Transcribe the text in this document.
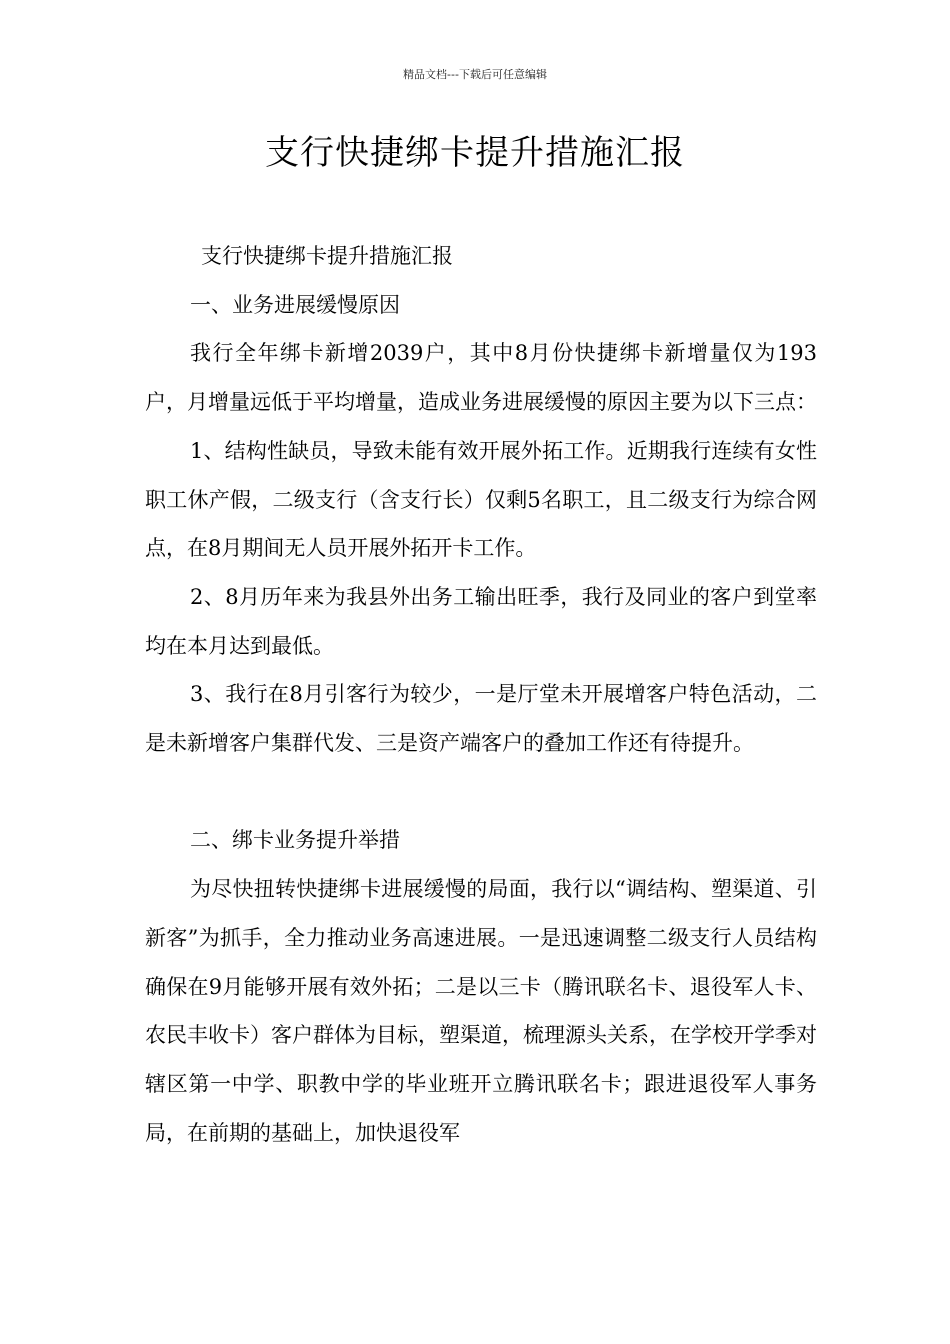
精品文档---下载后可任意编辑
支行快捷绑卡提升措施汇报

支行快捷绑卡提升措施汇报

一、业务进展缓慢原因

我行全年绑卡新增2039户，其中8月份快捷绑卡新增量仅为193户，月增量远低于平均增量，造成业务进展缓慢的原因主要为以下三点：

1、结构性缺员，导致未能有效开展外拓工作。近期我行连续有女性职工休产假，二级支行（含支行长）仅剩5名职工，且二级支行为综合网点，在8月期间无人员开展外拓开卡工作。

2、8月历年来为我县外出务工输出旺季，我行及同业的客户到堂率均在本月达到最低。

3、我行在8月引客行为较少，一是厅堂未开展增客户特色活动，二是未新增客户集群代发、三是资产端客户的叠加工作还有待提升。

二、绑卡业务提升举措

为尽快扭转快捷绑卡进展缓慢的局面，我行以“调结构、塑渠道、引新客”为抓手，全力推动业务高速进展。一是迅速调整二级支行人员结构确保在9月能够开展有效外拓；二是以三卡（腾讯联名卡、退役军人卡、农民丰收卡）客户群体为目标，塑渠道，梳理源头关系，在学校开学季对辖区第一中学、职教中学的毕业班开立腾讯联名卡；跟进退役军人事务局，在前期的基础上，加快退役军
